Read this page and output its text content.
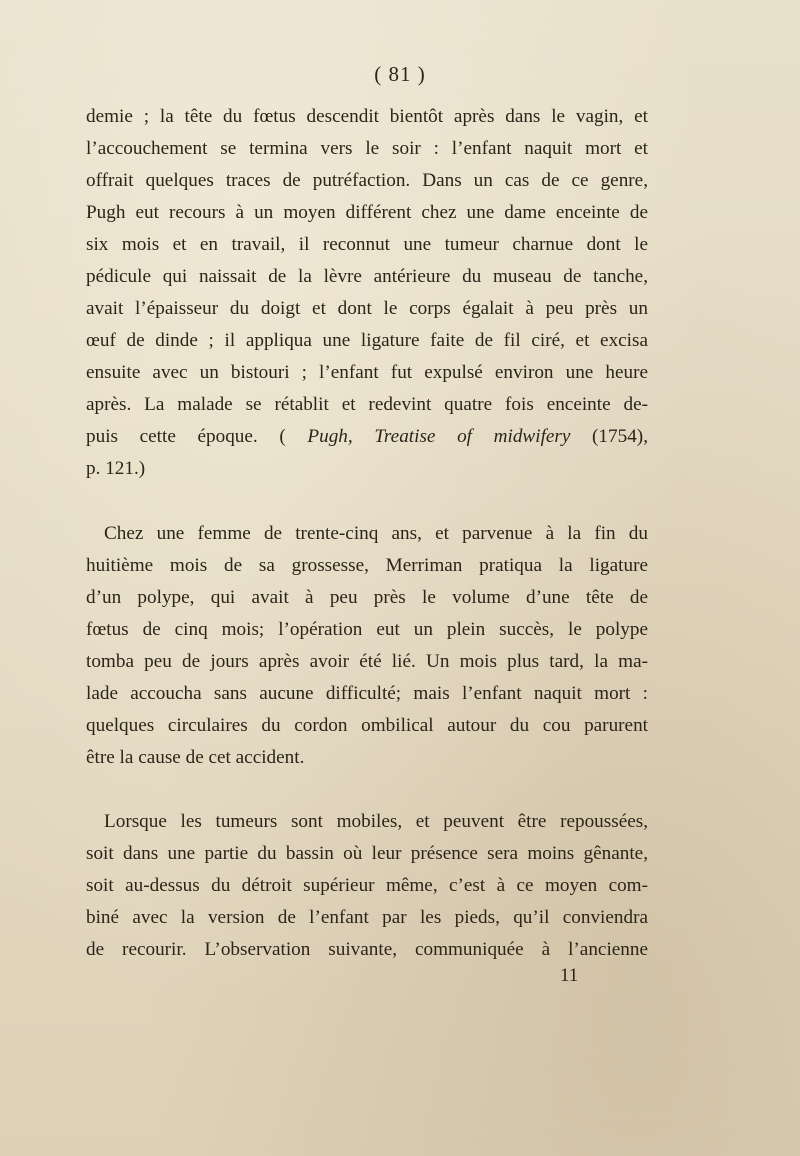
( 81 )
demie ; la tête du fœtus descendit bientôt après dans le vagin, et
l’accouchement se termina vers le soir : l’enfant naquit mort et
offrait quelques traces de putréfaction. Dans un cas de ce genre,
Pugh eut recours à un moyen différent chez une dame enceinte de
six mois et en travail, il reconnut une tumeur charnue dont le
pédicule qui naissait de la lèvre antérieure du museau de tanche,
avait l’épaisseur du doigt et dont le corps égalait à peu près un
œuf de dinde ; il appliqua une ligature faite de fil ciré, et excisa
ensuite avec un bistouri ; l’enfant fut expulsé environ une heure
après. La malade se rétablit et redevint quatre fois enceinte de-
puis cette époque. ( Pugh, Treatise of midwifery (1754),
p. 121.)
Chez une femme de trente-cinq ans, et parvenue à la fin du
huitième mois de sa grossesse, Merriman pratiqua la ligature
d’un polype, qui avait à peu près le volume d’une tête de
fœtus de cinq mois; l’opération eut un plein succès, le polype
tomba peu de jours après avoir été lié. Un mois plus tard, la ma-
lade accoucha sans aucune difficulté; mais l’enfant naquit mort :
quelques circulaires du cordon ombilical autour du cou parurent
être la cause de cet accident.
Lorsque les tumeurs sont mobiles, et peuvent être repoussées,
soit dans une partie du bassin où leur présence sera moins gênante,
soit au-dessus du détroit supérieur même, c’est à ce moyen com-
biné avec la version de l’enfant par les pieds, qu’il conviendra
de recourir. L’observation suivante, communiquée à l’ancienne
11
